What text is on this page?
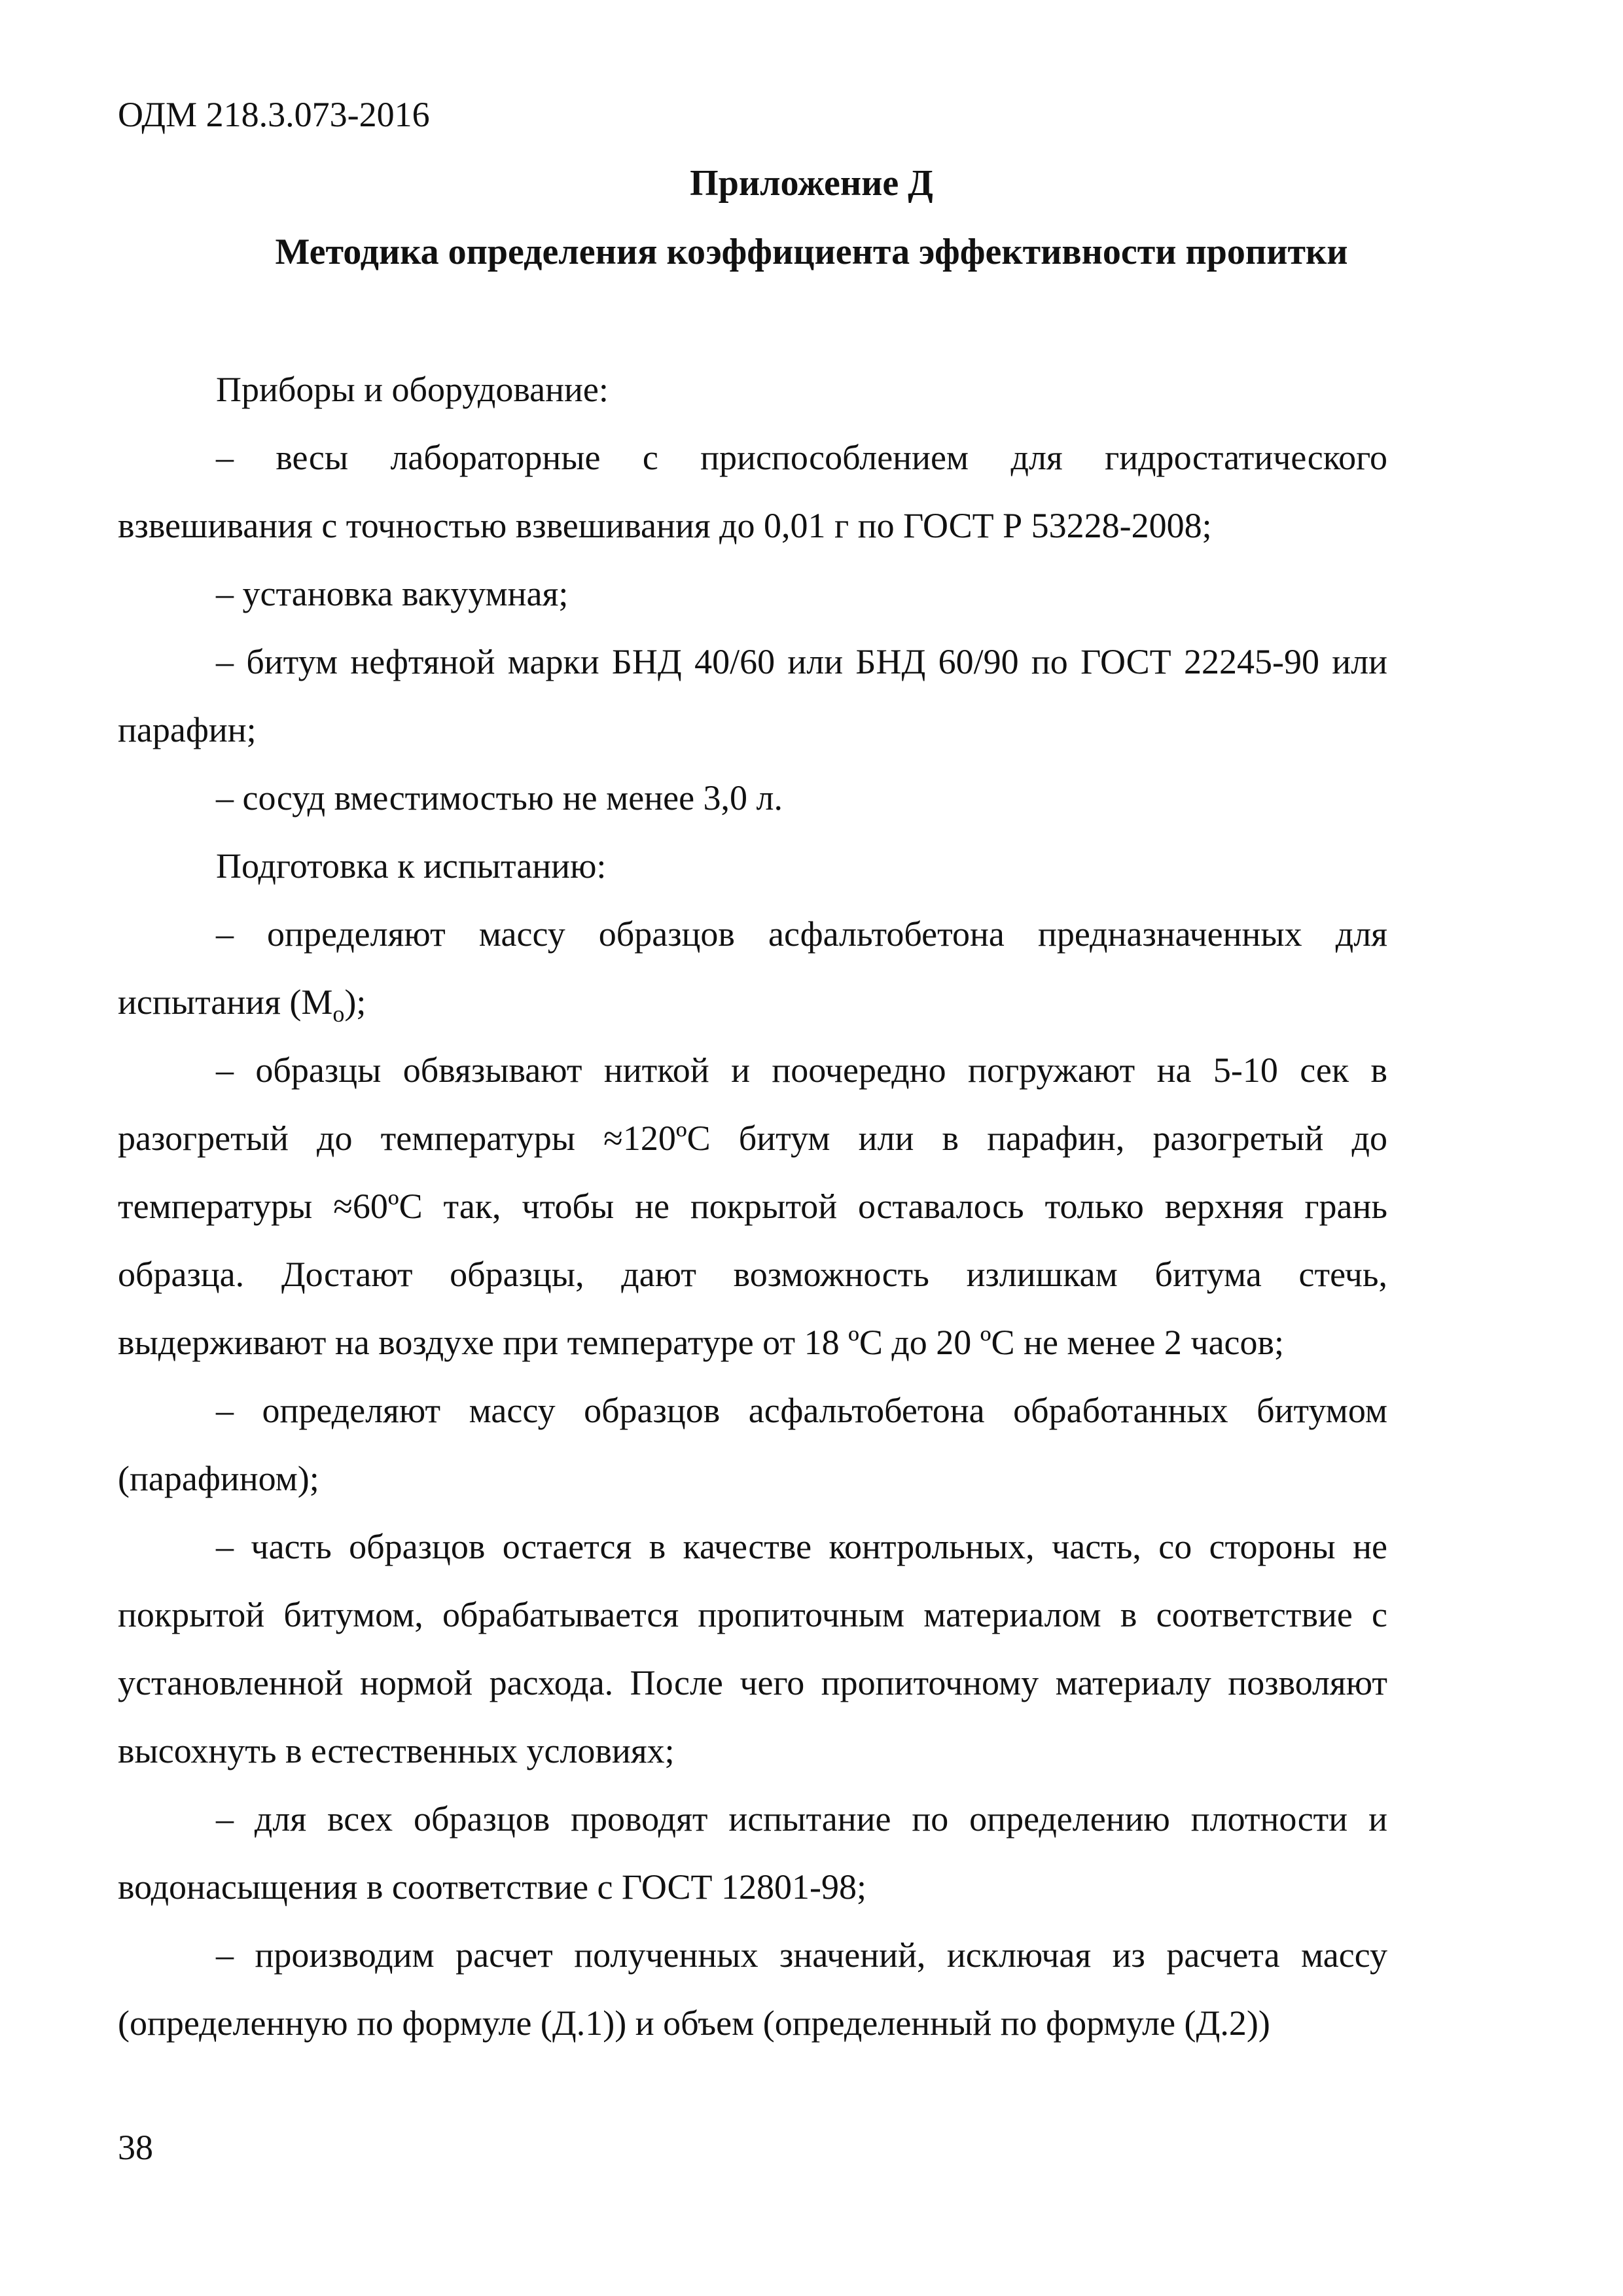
ОДМ 218.3.073-2016
Приложение Д
Методика определения коэффициента эффективности пропитки

Приборы и оборудование:

– весы лабораторные с приспособлением для гидростатического взвешивания с точностью взвешивания до 0,01 г по ГОСТ Р 53228-2008;

– установка вакуумная;

– битум нефтяной марки БНД 40/60 или БНД 60/90 по ГОСТ 22245-90 или парафин;

– сосуд вместимостью не менее 3,0 л.

Подготовка к испытанию:

– определяют массу образцов асфальтобетона предназначенных для испытания $(M_o)$;

– образцы обвязывают ниткой и поочередно погружают на 5-10 сек в разогретый до температуры ≈120ºC битум или в парафин, разогретый до температуры ≈60ºC так, чтобы не покрытой оставалось только верхняя грань образца. Достают образцы, дают возможность излишкам битума стечь, выдерживают на воздухе при температуре от 18 ºC до 20 ºC не менее 2 часов;

– определяют массу образцов асфальтобетона обработанных битумом (парафином);

– часть образцов остается в качестве контрольных, часть, со стороны не покрытой битумом, обрабатывается пропиточным материалом в соответствие с установленной нормой расхода. После чего пропиточному материалу позволяют высохнуть в естественных условиях;

– для всех образцов проводят испытание по определению плотности и водонасыщения в соответствие с ГОСТ 12801-98;

– производим расчет полученных значений, исключая из расчета массу (определенную по формуле (Д.1)) и объем (определенный по формуле (Д.2))

38
